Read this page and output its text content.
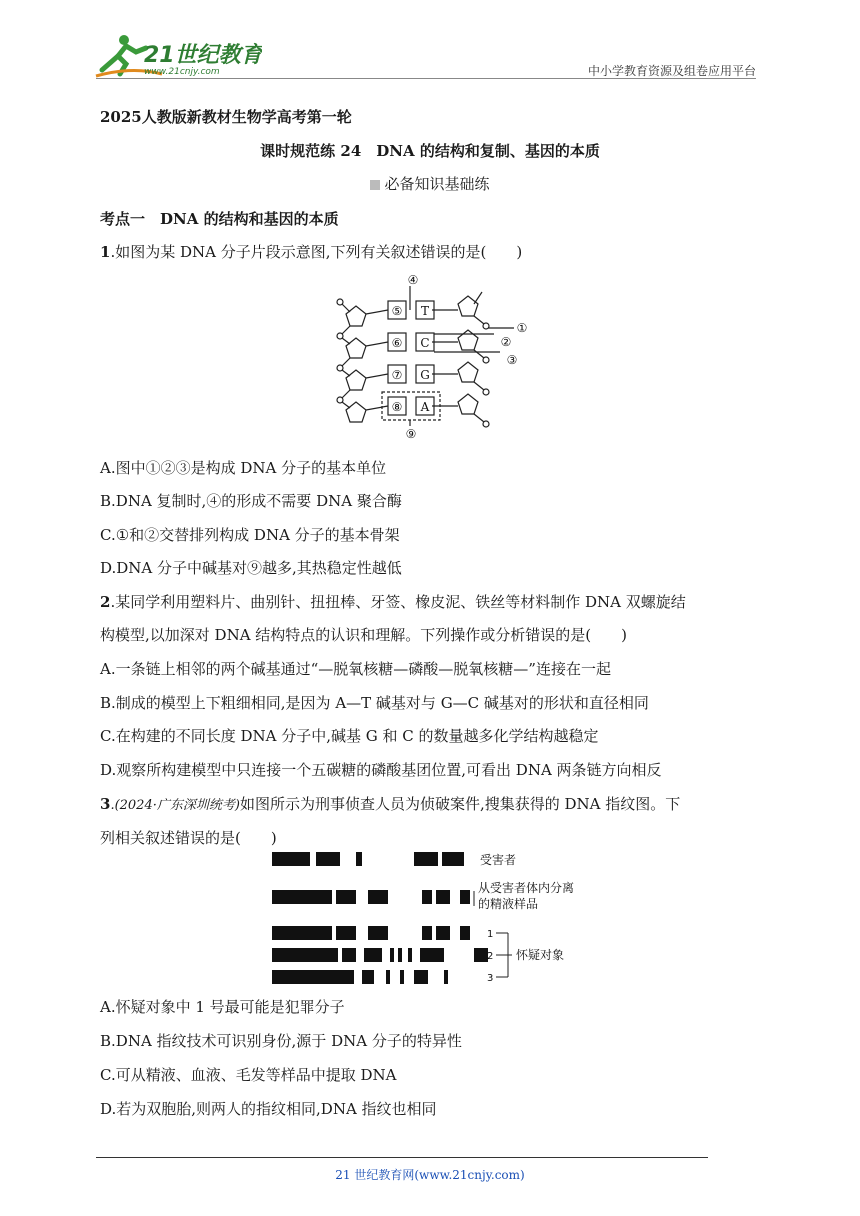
21世纪教育
www.21cnjy.com	中小学教育资源及组卷应用平台
2025人教版新教材生物学高考第一轮
课时规范练 24　DNA 的结构和复制、基因的本质
必备知识基础练
考点一　DNA 的结构和基因的本质
1.如图为某 DNA 分子片段示意图,下列有关叙述错误的是(　　)
⑤ T
⑥ C
⑦ G
⑧ A
①
②
③
④
⑨
A.图中①②③是构成 DNA 分子的基本单位
B.DNA 复制时,④的形成不需要 DNA 聚合酶
C.①和②交替排列构成 DNA 分子的基本骨架
D.DNA 分子中碱基对⑨越多,其热稳定性越低
2.某同学利用塑料片、曲别针、扭扭棒、牙签、橡皮泥、铁丝等材料制作 DNA 双螺旋结
构模型,以加深对 DNA 结构特点的认识和理解。下列操作或分析错误的是(　　)
A.一条链上相邻的两个碱基通过“—脱氧核糖—磷酸—脱氧核糖—”连接在一起
B.制成的模型上下粗细相同,是因为 A—T 碱基对与 G—C 碱基对的形状和直径相同
C.在构建的不同长度 DNA 分子中,碱基 G 和 C 的数量越多化学结构越稳定
D.观察所构建模型中只连接一个五碳糖的磷酸基团位置,可看出 DNA 两条链方向相反
3.(2024·广东深圳统考)如图所示为刑事侦查人员为侦破案件,搜集获得的 DNA 指纹图。下
列相关叙述错误的是(　　)
受害者
从受害者体内分离
的精液样品
1
2
3
怀疑对象
A.怀疑对象中 1 号最可能是犯罪分子
B.DNA 指纹技术可识别身份,源于 DNA 分子的特异性
C.可从精液、血液、毛发等样品中提取 DNA
D.若为双胞胎,则两人的指纹相同,DNA 指纹也相同
21 世纪教育网(www.21cnjy.com)
